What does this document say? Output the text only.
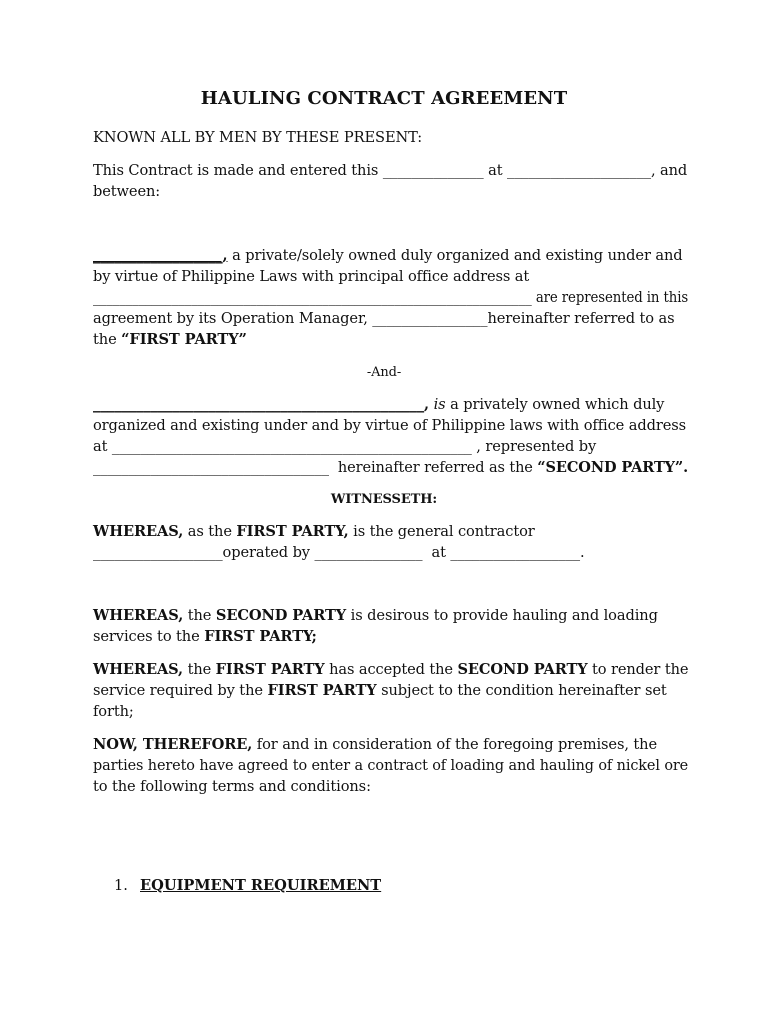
HAULING CONTRACT AGREEMENT
KNOWN ALL BY MEN BY THESE PRESENT:
This Contract is made and entered this ______________ at ____________________, and
between:
__________________, a private/solely owned duly organized and existing under and
by virtue of Philippine Laws with principal office address at
___________________________________________________________________ are represented in this
agreement by its Operation Manager, ________________hereinafter referred to as
the “FIRST PARTY”
-And-
______________________________________________, is a privately owned which duly
organized and existing under and by virtue of Philippine laws with office address
at __________________________________________________ , represented by
_________________________________  hereinafter referred as the “SECOND PARTY”.
WITNESSETH:
WHEREAS, as the FIRST PARTY, is the general contractor
__________________operated by _______________  at __________________.
WHEREAS, the SECOND PARTY is desirous to provide hauling and loading
services to the FIRST PARTY;
WHEREAS, the FIRST PARTY has accepted the SECOND PARTY to render the
service required by the FIRST PARTY subject to the condition hereinafter set
forth;
NOW, THEREFORE, for and in consideration of the foregoing premises, the
parties hereto have agreed to enter a contract of loading and hauling of nickel ore
to the following terms and conditions:
1. EQUIPMENT REQUIREMENT
